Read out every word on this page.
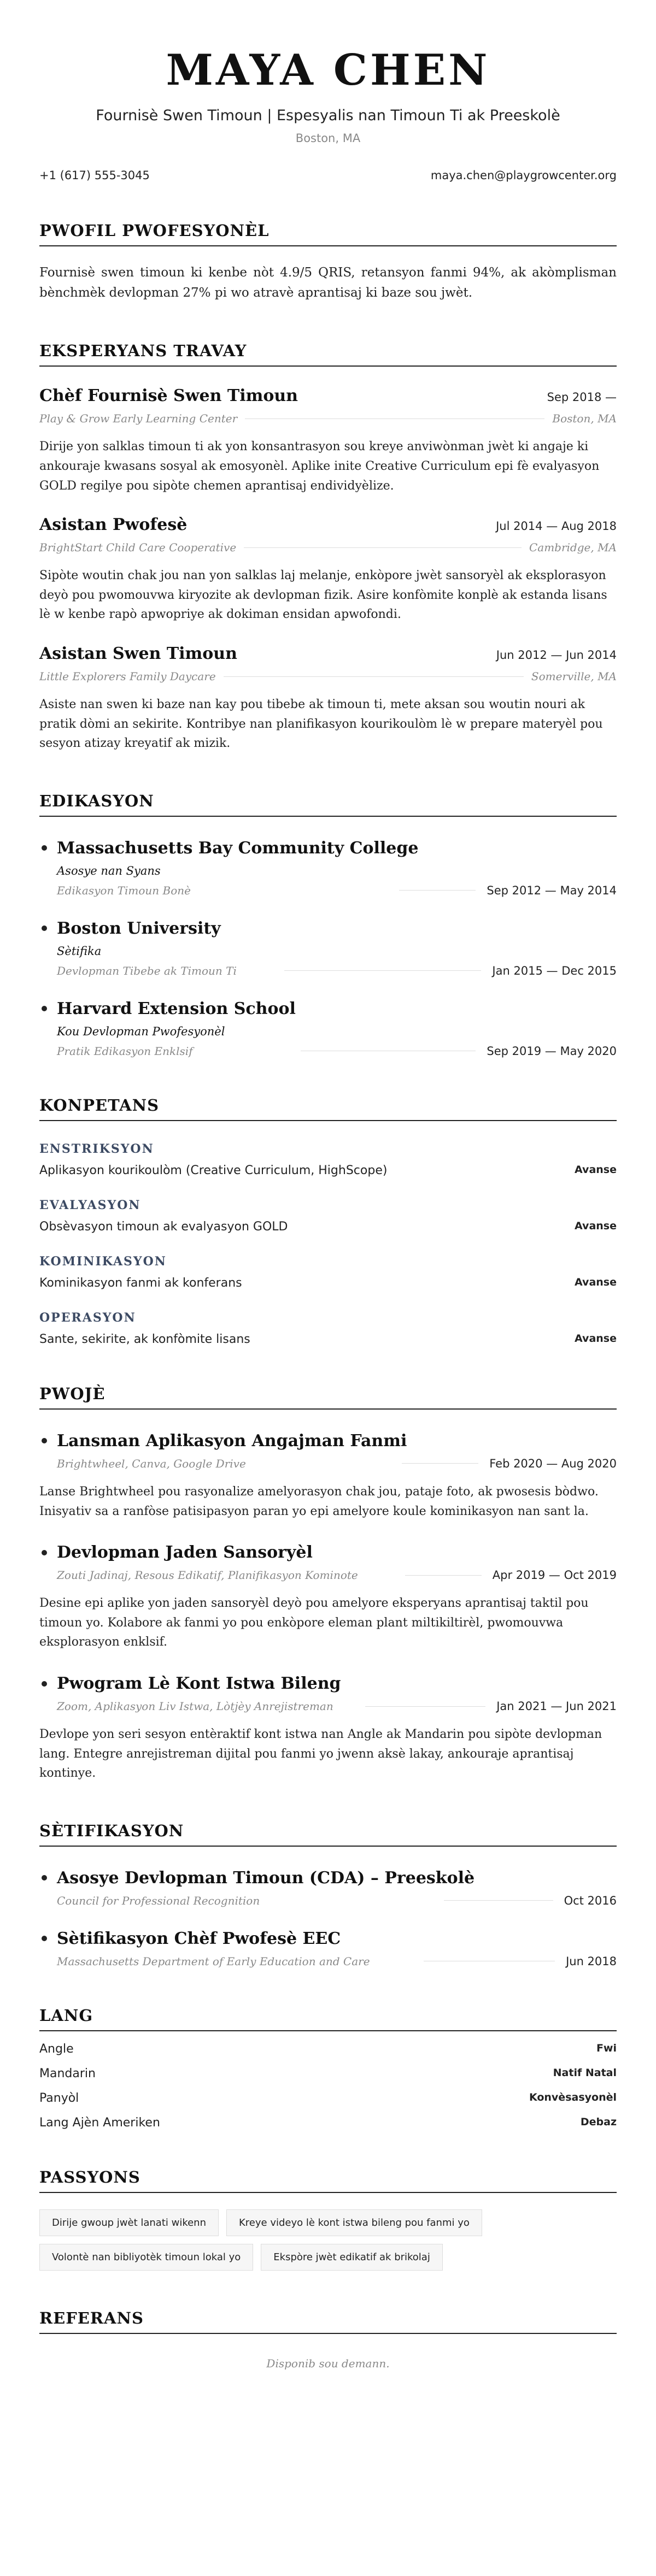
MAYA CHEN
Fournisè Swen Timoun | Espesyalis nan Timoun Ti ak Preeskolè
Boston, MA
+1 (617) 555-3045	maya.chen@playgrowcenter.org
PWOFIL PWOFESYONÈL
Fournisè swen timoun ki kenbe nòt 4.9/5 QRIS, retansyon fanmi 94%, ak akòmplisman bènchmèk devlopman 27% pi wo atravè aprantisaj ki baze sou jwèt.
EKSPERYANS TRAVAY
Chèf Fournisè Swen Timoun	Sep 2018 —
Play & Grow Early Learning Center	Boston, MA
Dirije yon salklas timoun ti ak yon konsantrasyon sou kreye anviwònman jwèt ki angaje ki ankouraje kwasans sosyal ak emosyonèl. Aplike inite Creative Curriculum epi fè evalyasyon GOLD regilye pou sipòte chemen aprantisaj endividyèlize.
Asistan Pwofesè	Jul 2014 — Aug 2018
BrightStart Child Care Cooperative	Cambridge, MA
Sipòte woutin chak jou nan yon salklas laj melanje, enkòpore jwèt sansoryèl ak eksplorasyon deyò pou pwomouvwa kiryozite ak devlopman fizik. Asire konfòmite konplè ak estanda lisans lè w kenbe rapò apwopriye ak dokiman ensidan apwofondi.
Asistan Swen Timoun	Jun 2012 — Jun 2014
Little Explorers Family Daycare	Somerville, MA
Asiste nan swen ki baze nan kay pou tibebe ak timoun ti, mete aksan sou woutin nouri ak pratik dòmi an sekirite. Kontribye nan planifikasyon kourikoulòm lè w prepare materyèl pou sesyon atizay kreyatif ak mizik.
EDIKASYON
Massachusetts Bay Community College
Asosye nan Syans
Edikasyon Timoun Bonè	Sep 2012 — May 2014
Boston University
Sètifika
Devlopman Tibebe ak Timoun Ti	Jan 2015 — Dec 2015
Harvard Extension School
Kou Devlopman Pwofesyonèl
Pratik Edikasyon Enklsif	Sep 2019 — May 2020
KONPETANS
ENSTRIKSYON
Aplikasyon kourikoulòm (Creative Curriculum, HighScope)	Avanse
EVALYASYON
Obsèvasyon timoun ak evalyasyon GOLD	Avanse
KOMINIKASYON
Kominikasyon fanmi ak konferans	Avanse
OPERASYON
Sante, sekirite, ak konfòmite lisans	Avanse
PWOJÈ
Lansman Aplikasyon Angajman Fanmi
Brightwheel, Canva, Google Drive	Feb 2020 — Aug 2020
Lanse Brightwheel pou rasyonalize amelyorasyon chak jou, pataje foto, ak pwosesis bòdwo. Inisyativ sa a ranfòse patisipasyon paran yo epi amelyore koule kominikasyon nan sant la.
Devlopman Jaden Sansoryèl
Zouti Jadinaj, Resous Edikatif, Planifikasyon Kominote	Apr 2019 — Oct 2019
Desine epi aplike yon jaden sansoryèl deyò pou amelyore eksperyans aprantisaj taktil pou timoun yo. Kolabore ak fanmi yo pou enkòpore eleman plant miltikiltirèl, pwomouvwa eksplorasyon enklsif.
Pwogram Lè Kont Istwa Bileng
Zoom, Aplikasyon Liv Istwa, Lòtjèy Anrejistreman	Jan 2021 — Jun 2021
Devlope yon seri sesyon entèraktif kont istwa nan Angle ak Mandarin pou sipòte devlopman lang. Entegre anrejistreman dijital pou fanmi yo jwenn aksè lakay, ankouraje aprantisaj kontinye.
SÈTIFIKASYON
Asosye Devlopman Timoun (CDA) – Preeskolè
Council for Professional Recognition	Oct 2016
Sètifikasyon Chèf Pwofesè EEC
Massachusetts Department of Early Education and Care	Jun 2018
LANG
Angle	Fwi
Mandarin	Natif Natal
Panyòl	Konvèsasyonèl
Lang Ajèn Ameriken	Debaz
PASSYONS
Dirije gwoup jwèt lanati wikenn	Kreye videyo lè kont istwa bileng pou fanmi yo
Volontè nan bibliyotèk timoun lokal yo	Ekspòre jwèt edikatif ak brikolaj
REFERANS
Disponib sou demann.
